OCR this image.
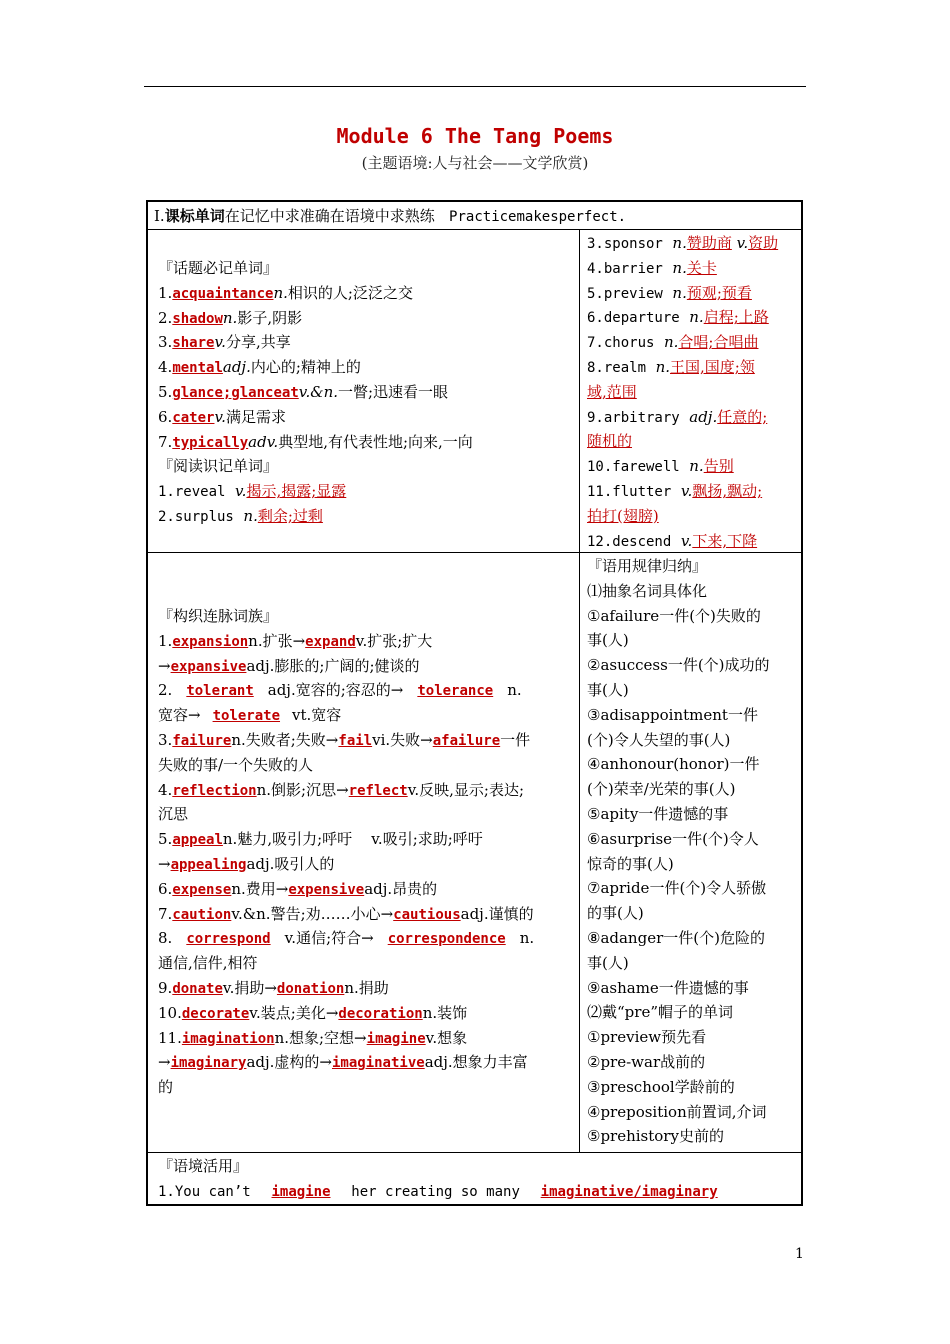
Module 6 The Tang Poems
(主题语境:人与社会——文学欣赏)
Ⅰ.课标单词在记忆中求准确在语境中求熟练 Practicemakesperfect.
『话题必记单词』
1.acquaintancen.相识的人;泛泛之交
2.shadown.影子,阴影
3.sharev.分享,共享
4.mentaladj.内心的;精神上的
5.glance;glanceatv.&n.一瞥;迅速看一眼
6.caterv.满足需求
7.typicallyadv.典型地,有代表性地;向来,一向
『阅读识记单词』
1.reveal v.揭示,揭露;显露
2.surplus n.剩余;过剩
3.sponsor n.赞助商 v.资助
4.barrier n.关卡
5.preview n.预观;预看
6.departure n.启程;上路
7.chorus n.合唱;合唱曲
8.realm n.王国,国度;领
域,范围
9.arbitrary adj.任意的;
随机的
10.farewell n.告别
11.flutter v.飘扬,飘动;
拍打(翅膀)
12.descend v.下来,下降
『构织连脉词族』
1.expansionn.扩张→expandv.扩张;扩大
→expansiveadj.膨胀的;广阔的;健谈的
2. tolerant adj.宽容的;容忍的→ tolerance n.
宽容→ tolerate vt.宽容
3.failuren.失败者;失败→failvi.失败→afailure一件
失败的事/一个失败的人
4.reflectionn.倒影;沉思→reflectv.反映,显示;表达;
沉思
5.appealn.魅力,吸引力;呼吁 v.吸引;求助;呼吁
→appealingadj.吸引人的
6.expensen.费用→expensiveadj.昂贵的
7.cautionv.&n.警告;劝……小心→cautiousadj.谨慎的
8. correspond v.通信;符合→ correspondence n.
通信,信件,相符
9.donatev.捐助→donationn.捐助
10.decoratev.装点;美化→decorationn.装饰
11.imaginationn.想象;空想→imaginev.想象
→imaginaryadj.虚构的→imaginativeadj.想象力丰富
的
『语用规律归纳』
⑴抽象名词具体化
①afailure一件(个)失败的
事(人)
②asuccess一件(个)成功的
事(人)
③adisappointment一件
(个)令人失望的事(人)
④anhonour(honor)一件
(个)荣幸/光荣的事(人)
⑤apity一件遗憾的事
⑥asurprise一件(个)令人
惊奇的事(人)
⑦apride一件(个)令人骄傲
的事(人)
⑧adanger一件(个)危险的
事(人)
⑨ashame一件遗憾的事
⑵戴“pre”帽子的单词
①preview预先看
②pre-war战前的
③preschool学龄前的
④preposition前置词,介词
⑤prehistory史前的
『语境活用』
1.You can’t imagine her creating so many imaginative/imaginary
1
